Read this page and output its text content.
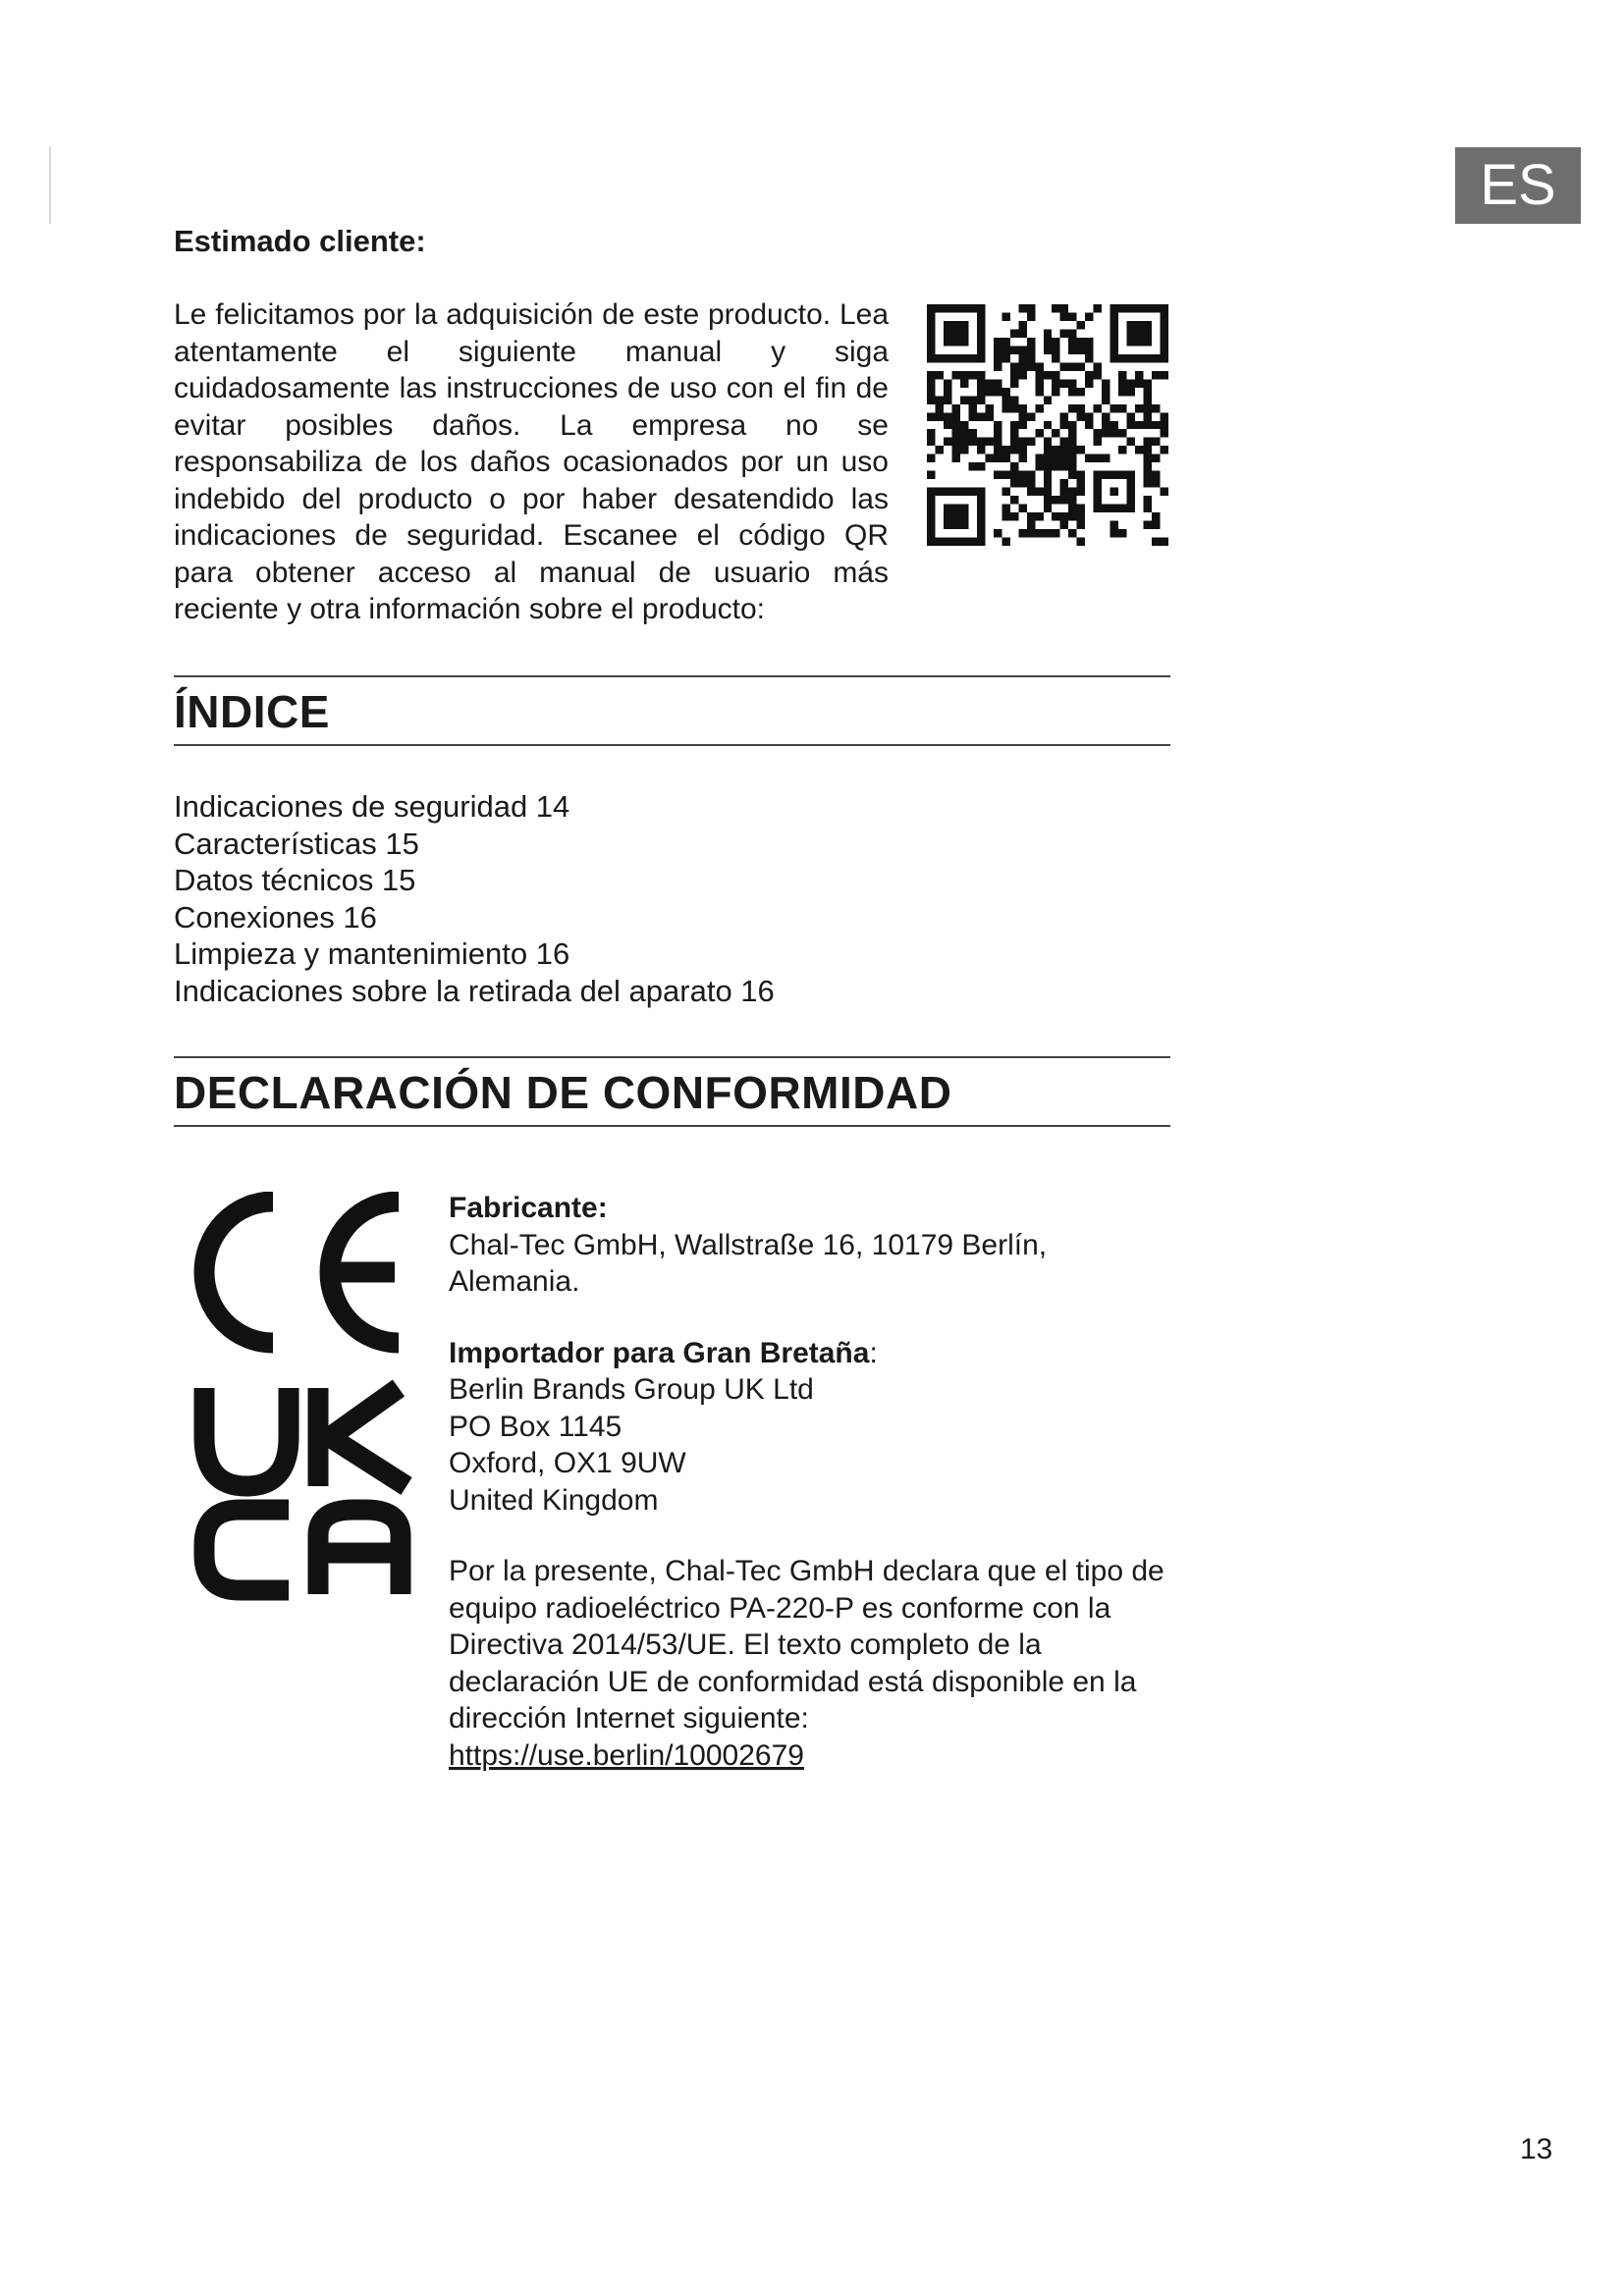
ES
Estimado cliente:

Le felicitamos por la adquisición de este producto. Lea atentamente el siguiente manual y siga cuidadosamente las instrucciones de uso con el fin de evitar posibles daños. La empresa no se responsabiliza de los daños ocasionados por un uso indebido del producto o por haber desatendido las indicaciones de seguridad. Escanee el código QR para obtener acceso al manual de usuario más reciente y otra información sobre el producto:

ÍNDICE
Indicaciones de seguridad 14
Características 15
Datos técnicos 15
Conexiones 16
Limpieza y mantenimiento 16
Indicaciones sobre la retirada del aparato 16
DECLARACIÓN DE CONFORMIDAD

Fabricante:

Chal-Tec GmbH, Wallstraße 16, 10179 Berlín, Alemania.

Importador para Gran Bretaña:

Berlin Brands Group UK Ltd

PO Box 1145

Oxford, OX1 9UW

United Kingdom

Por la presente, Chal-Tec GmbH declara que el tipo de equipo radioeléctrico PA-220-P es conforme con la Directiva 2014/53/UE. El texto completo de la declaración UE de conformidad está disponible en la dirección Internet siguiente:

https://use.berlin/10002679
13
